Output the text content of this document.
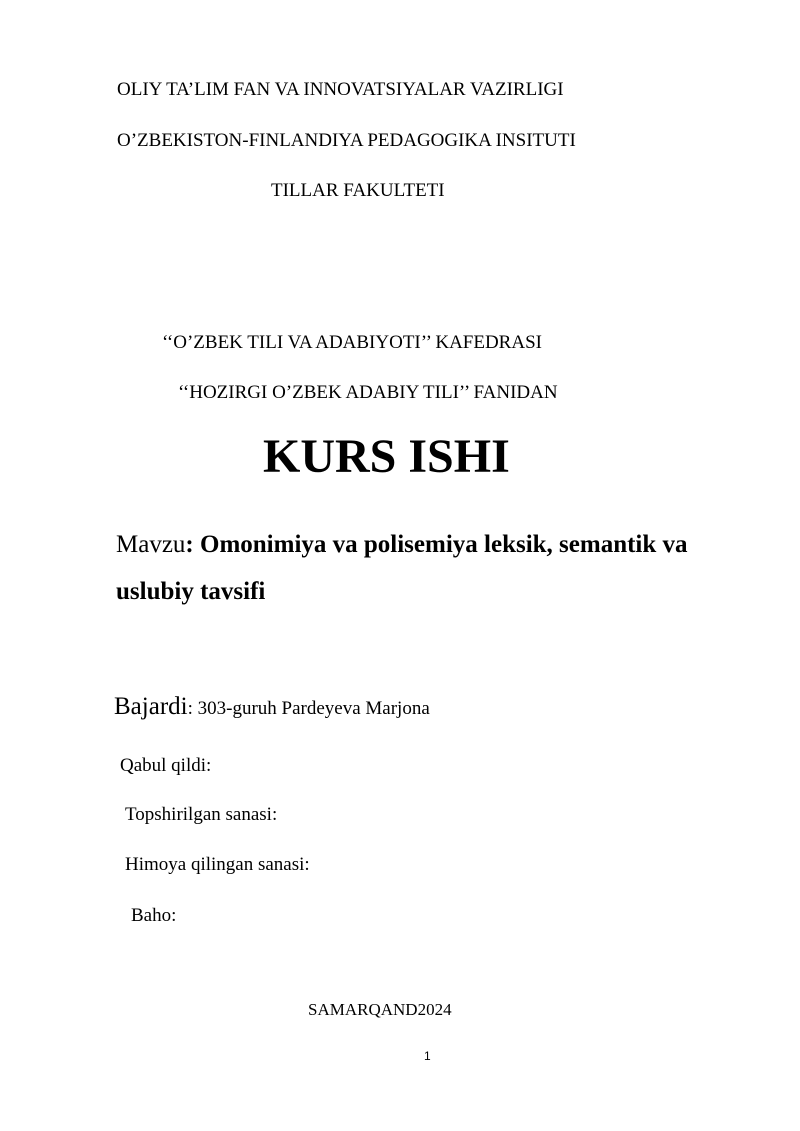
OLIY TA’LIM FAN VA INNOVATSIYALAR VAZIRLIGI
O’ZBEKISTON-FINLANDIYA PEDAGOGIKA INSITUTI
TILLAR FAKULTETI
‘‘O’ZBEK TILI VA ADABIYOTI’’ KAFEDRASI
‘‘HOZIRGI O’ZBEK ADABIY TILI’’ FANIDAN
KURS ISHI
Mavzu: Omonimiya va polisemiya leksik, semantik va uslubiy tavsifi
Bajardi: 303-guruh Pardeyeva Marjona
Qabul qildi:
Topshirilgan sanasi:
Himoya qilingan sanasi:
Baho:
SAMARQAND2024
1
